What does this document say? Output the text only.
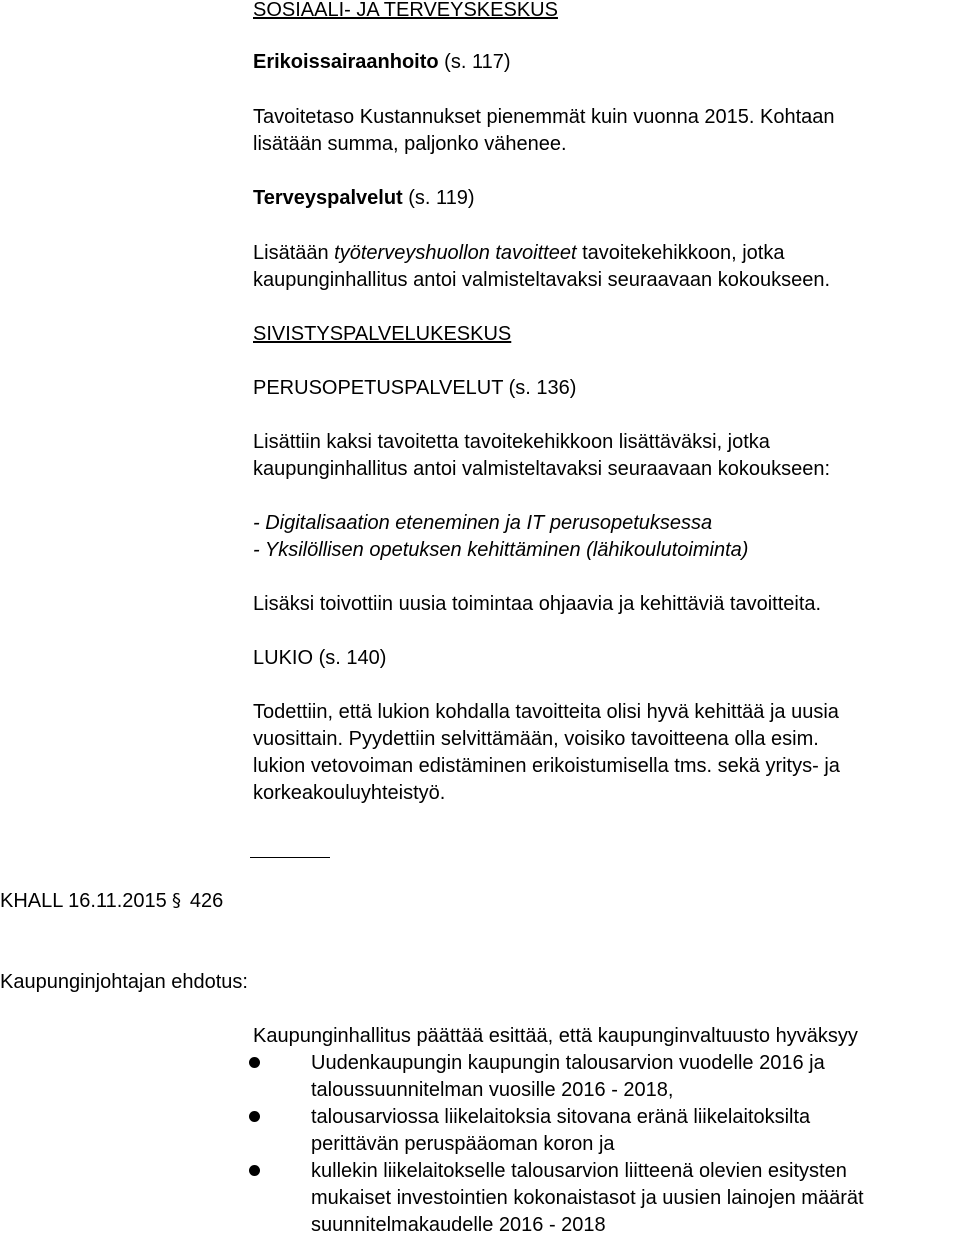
SOSIAALI- JA TERVEYSKESKUS
Erikoissairaanhoito (s. 117)
Tavoitetaso Kustannukset pienemmät kuin vuonna 2015. Kohtaan
lisätään summa, paljonko vähenee.
Terveyspalvelut (s. 119)
Lisätään työterveyshuollon tavoitteet tavoitekehikkoon, jotka
kaupunginhallitus antoi valmisteltavaksi seuraavaan kokoukseen.
SIVISTYSPALVELUKESKUS
PERUSOPETUSPALVELUT (s. 136)
Lisättiin kaksi tavoitetta tavoitekehikkoon lisättäväksi, jotka
kaupunginhallitus antoi valmisteltavaksi seuraavaan kokoukseen:
- Digitalisaation eteneminen ja IT perusopetuksessa
- Yksilöllisen opetuksen kehittäminen (lähikoulutoiminta)
Lisäksi toivottiin uusia toimintaa ohjaavia ja kehittäviä tavoitteita.
LUKIO (s. 140)
Todettiin, että lukion kohdalla tavoitteita olisi hyvä kehittää ja uusia
vuosittain. Pyydettiin selvittämään, voisiko tavoitteena olla esim.
lukion vetovoiman edistäminen erikoistumisella tms. sekä yritys- ja
korkeakouluyhteistyö.
KHALL 16.11.2015 § 426
Kaupunginjohtajan ehdotus:
Kaupunginhallitus päättää esittää, että kaupunginvaltuusto hyväksyy
Uudenkaupungin kaupungin talousarvion vuodelle 2016 ja
taloussuunnitelman vuosille 2016 - 2018,
talousarviossa liikelaitoksia sitovana eränä liikelaitoksilta
perittävän peruspääoman koron ja
kullekin liikelaitokselle talousarvion liitteenä olevien esitysten
mukaiset investointien kokonaistasot ja uusien lainojen määrät
suunnitelmakaudelle 2016 - 2018
